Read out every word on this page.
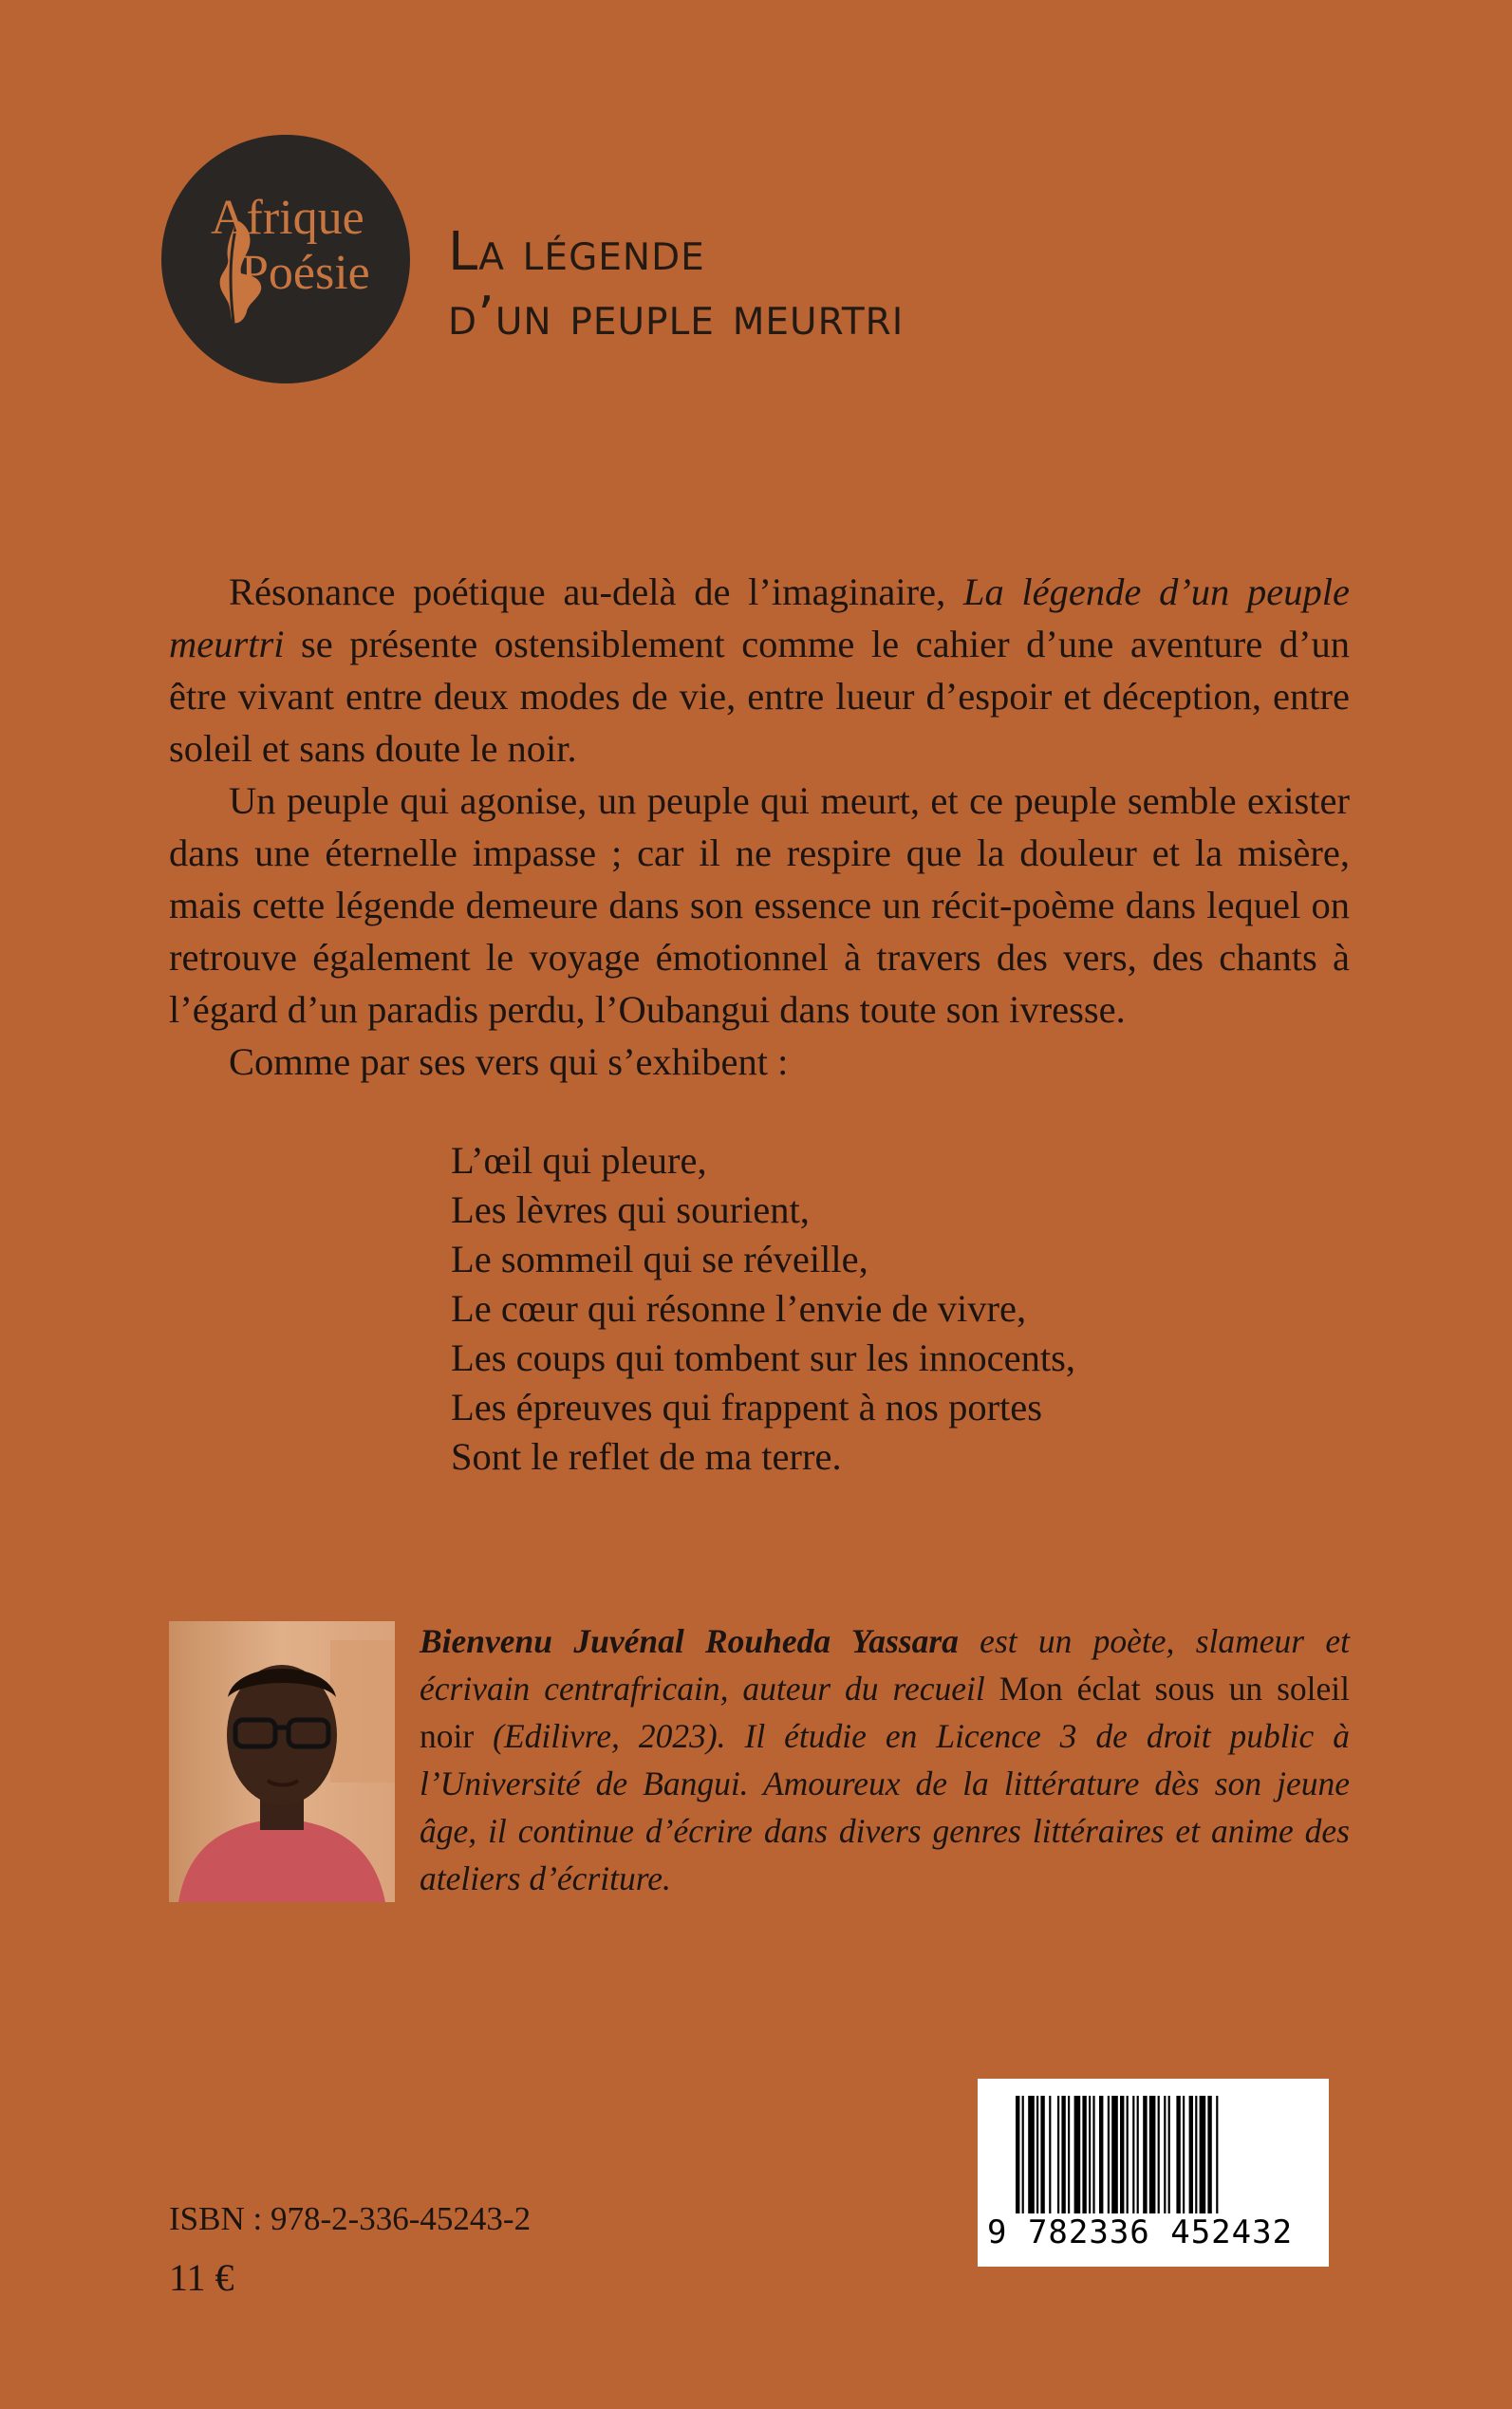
Afrique
Poésie La légende
d’un peuple meurtri

Résonance poétique au-delà de l’imaginaire, La légende d’un peuple meurtri se présente ostensiblement comme le cahier d’une aventure d’un être vivant entre deux modes de vie, entre lueur d’espoir et déception, entre soleil et sans doute le noir.

Un peuple qui agonise, un peuple qui meurt, et ce peuple semble exister dans une éternelle impasse ; car il ne respire que la douleur et la misère, mais cette légende demeure dans son essence un récit-poème dans lequel on retrouve également le voyage émotionnel à travers des vers, des chants à l’égard d’un paradis perdu, l’Oubangui dans toute son ivresse.

Comme par ses vers qui s’exhibent :

L’œil qui pleure,
Les lèvres qui sourient,
Le sommeil qui se réveille,
Le cœur qui résonne l’envie de vivre,
Les coups qui tombent sur les innocents,
Les épreuves qui frappent à nos portes
Sont le reflet de ma terre.
Bienvenu Juvénal Rouheda Yassara est un poète, slameur et écrivain centrafricain, auteur du recueil Mon éclat sous un soleil noir (Edilivre, 2023). Il étudie en Licence 3 de droit public à l’Université de Bangui. Amoureux de la littérature dès son jeune âge, il continue d’écrire dans divers genres littéraires et anime des ateliers d’écriture.
9 782336 452432
ISBN : 978-2-336-45243-2
11 €
